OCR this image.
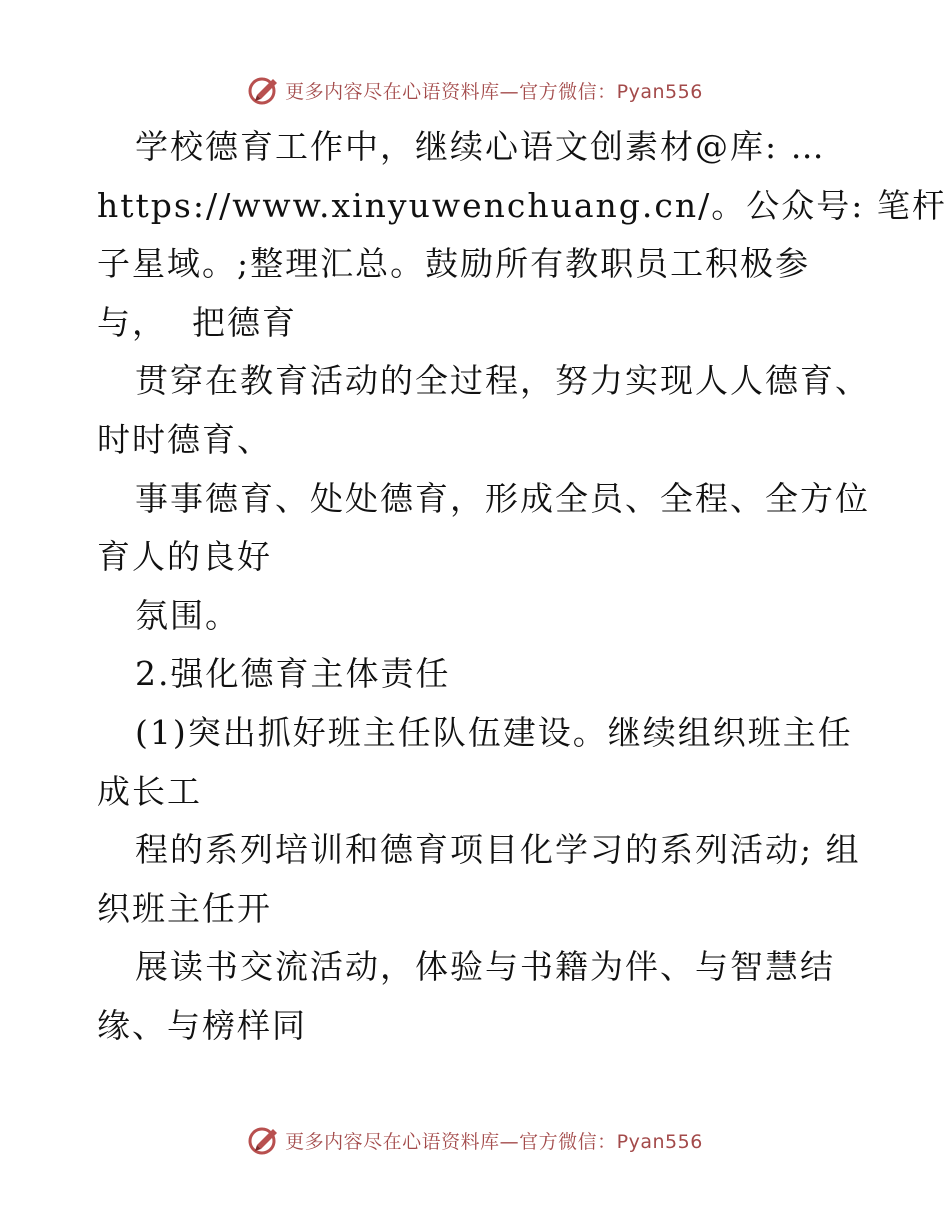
更多内容尽在心语资料库—官方微信：Pyan556
学校德育工作中，继续心语文创素材@库: …
https://www.xinyuwenchuang.cn/。公众号: 笔杆
子星域。;整理汇总。鼓励所有教职员工积极参
与，  把德育
贯穿在教育活动的全过程，努力实现人人德育、
时时德育、
事事德育、处处德育，形成全员、全程、全方位
育人的良好
氛围。
2.强化德育主体责任
(1)突出抓好班主任队伍建设。继续组织班主任
成长工
程的系列培训和德育项目化学习的系列活动; 组
织班主任开
展读书交流活动，体验与书籍为伴、与智慧结
缘、与榜样同
更多内容尽在心语资料库—官方微信：Pyan556
